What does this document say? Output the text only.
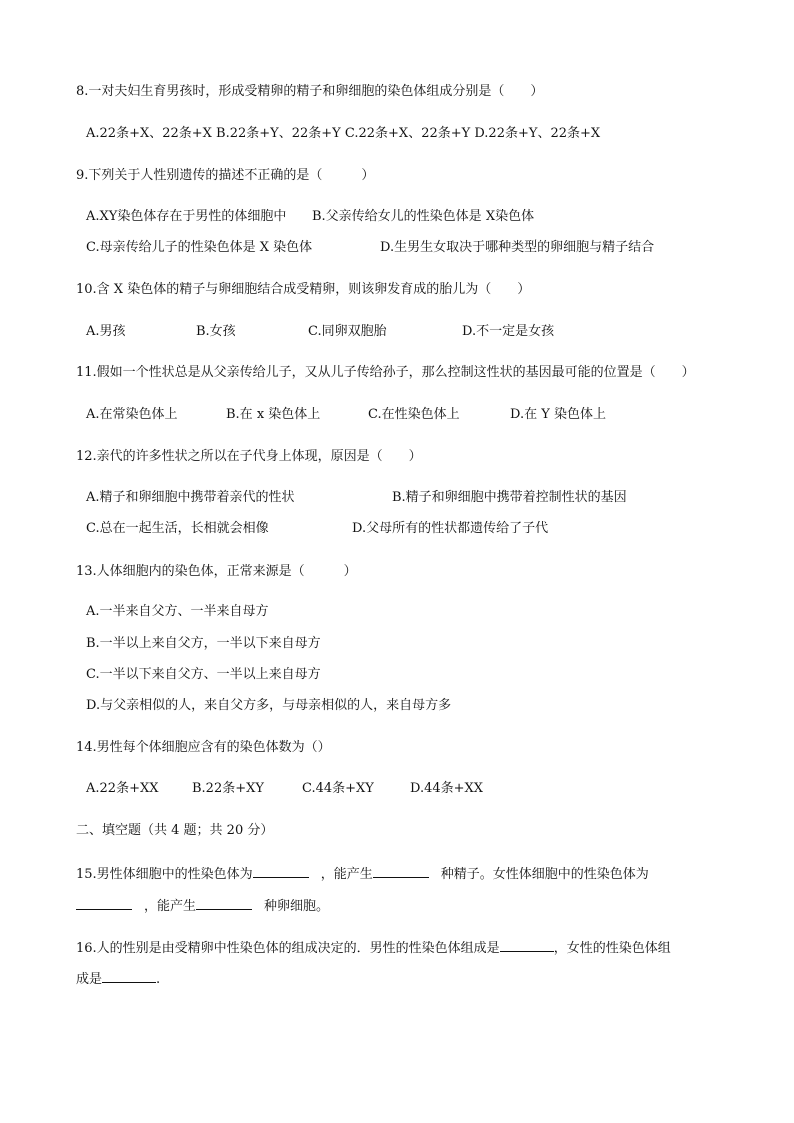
8.一对夫妇生育男孩时，形成受精卵的精子和卵细胞的染色体组成分别是（　　）
A.22条+X、22条+X B.22条+Y、22条+Y C.22条+X、22条+Y D.22条+Y、22条+X
9.下列关于人性别遗传的描述不正确的是（　　　）
A.XY染色体存在于男性的体细胞中 B.父亲传给女儿的性染色体是 X染色体
C.母亲传给儿子的性染色体是 X 染色体	D.生男生女取决于哪种类型的卵细胞与精子结合
10.含 X 染色体的精子与卵细胞结合成受精卵，则该卵发育成的胎儿为（　　）
A.男孩	B.女孩	C.同卵双胞胎	D.不一定是女孩
11.假如一个性状总是从父亲传给儿子，又从儿子传给孙子，那么控制这性状的基因最可能的位置是（　　）
A.在常染色体上	B.在 x 染色体上	C.在性染色体上	D.在 Y 染色体上
12.亲代的许多性状之所以在子代身上体现，原因是（　　）
A.精子和卵细胞中携带着亲代的性状	B.精子和卵细胞中携带着控制性状的基因
C.总在一起生活，长相就会相像	D.父母所有的性状都遗传给了子代
13.人体细胞内的染色体，正常来源是（　　　）
A.一半来自父方、一半来自母方
B.一半以上来自父方，一半以下来自母方
C.一半以下来自父方、一半以上来自母方
D.与父亲相似的人，来自父方多，与母亲相似的人，来自母方多
14.男性每个体细胞应含有的染色体数为（）
A.22条+XX	B.22条+XY	C.44条+XY	D.44条+XX
二、填空题（共 4 题；共 20 分）
15.男性体细胞中的性染色体为	，能产生	种精子。女性体细胞中的性染色体为
，能产生	种卵细胞。
16.人的性别是由受精卵中性染色体的组成决定的．男性的性染色体组成是	，女性的性染色体组
成是	.
